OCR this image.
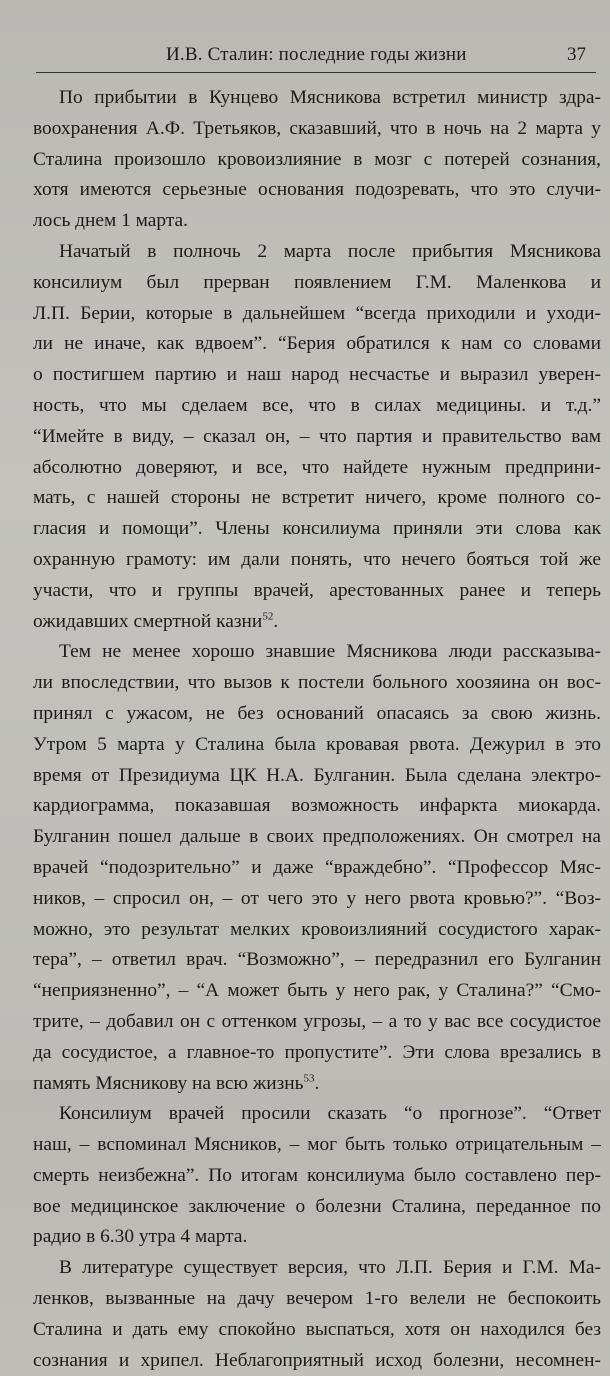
И.В. Сталин: последние годы жизни	37
По прибытии в Кунцево Мясникова встретил министр здра-
воохранения А.Ф. Третьяков, сказавший, что в ночь на 2 марта у
Сталина произошло кровоизлияние в мозг с потерей сознания,
хотя имеются серьезные основания подозревать, что это случи-
лось днем 1 марта.
Начатый в полночь 2 марта после прибытия Мясникова
консилиум был прерван появлением Г.М. Маленкова и
Л.П. Берии, которые в дальнейшем “всегда приходили и уходи-
ли не иначе, как вдвоем”. “Берия обратился к нам со словами
о постигшем партию и наш народ несчастье и выразил уверен-
ность, что мы сделаем все, что в силах медицины. и т.д.”
“Имейте в виду, – сказал он, – что партия и правительство вам
абсолютно доверяют, и все, что найдете нужным предприни-
мать, с нашей стороны не встретит ничего, кроме полного со-
гласия и помощи”. Члены консилиума приняли эти слова как
охранную грамоту: им дали понять, что нечего бояться той же
участи, что и группы врачей, арестованных ранее и теперь
ожидавших смертной казни$^{52}$.
Тем не менее хорошо знавшие Мясникова люди рассказыва-
ли впоследствии, что вызов к постели больного хоозяина он вос-
принял с ужасом, не без оснований опасаясь за свою жизнь.
Утром 5 марта у Сталина была кровавая рвота. Дежурил в это
время от Президиума ЦК Н.А. Булганин. Была сделана электро-
кардиограмма, показавшая возможность инфаркта миокарда.
Булганин пошел дальше в своих предположениях. Он смотрел на
врачей “подозрительно” и даже “враждебно”. “Профессор Мяс-
ников, – спросил он, – от чего это у него рвота кровью?”. “Воз-
можно, это результат мелких кровоизлияний сосудистого харак-
тера”, – ответил врач. “Возможно”, – передразнил его Булганин
“неприязненно”, – “А может быть у него рак, у Сталина?” “Смо-
трите, – добавил он с оттенком угрозы, – а то у вас все сосудистое
да сосудистое, а главное-то пропустите”. Эти слова врезались в
память Мясникову на всю жизнь$^{53}$.
Консилиум врачей просили сказать “о прогнозе”. “Ответ
наш, – вспоминал Мясников, – мог быть только отрицательным –
смерть неизбежна”. По итогам консилиума было составлено пер-
вое медицинское заключение о болезни Сталина, переданное по
радио в 6.30 утра 4 марта.
В литературе существует версия, что Л.П. Берия и Г.М. Ма-
ленков, вызванные на дачу вечером 1-го велели не беспокоить
Сталина и дать ему спокойно выспаться, хотя он находился без
сознания и хрипел. Неблагоприятный исход болезни, несомнен-
